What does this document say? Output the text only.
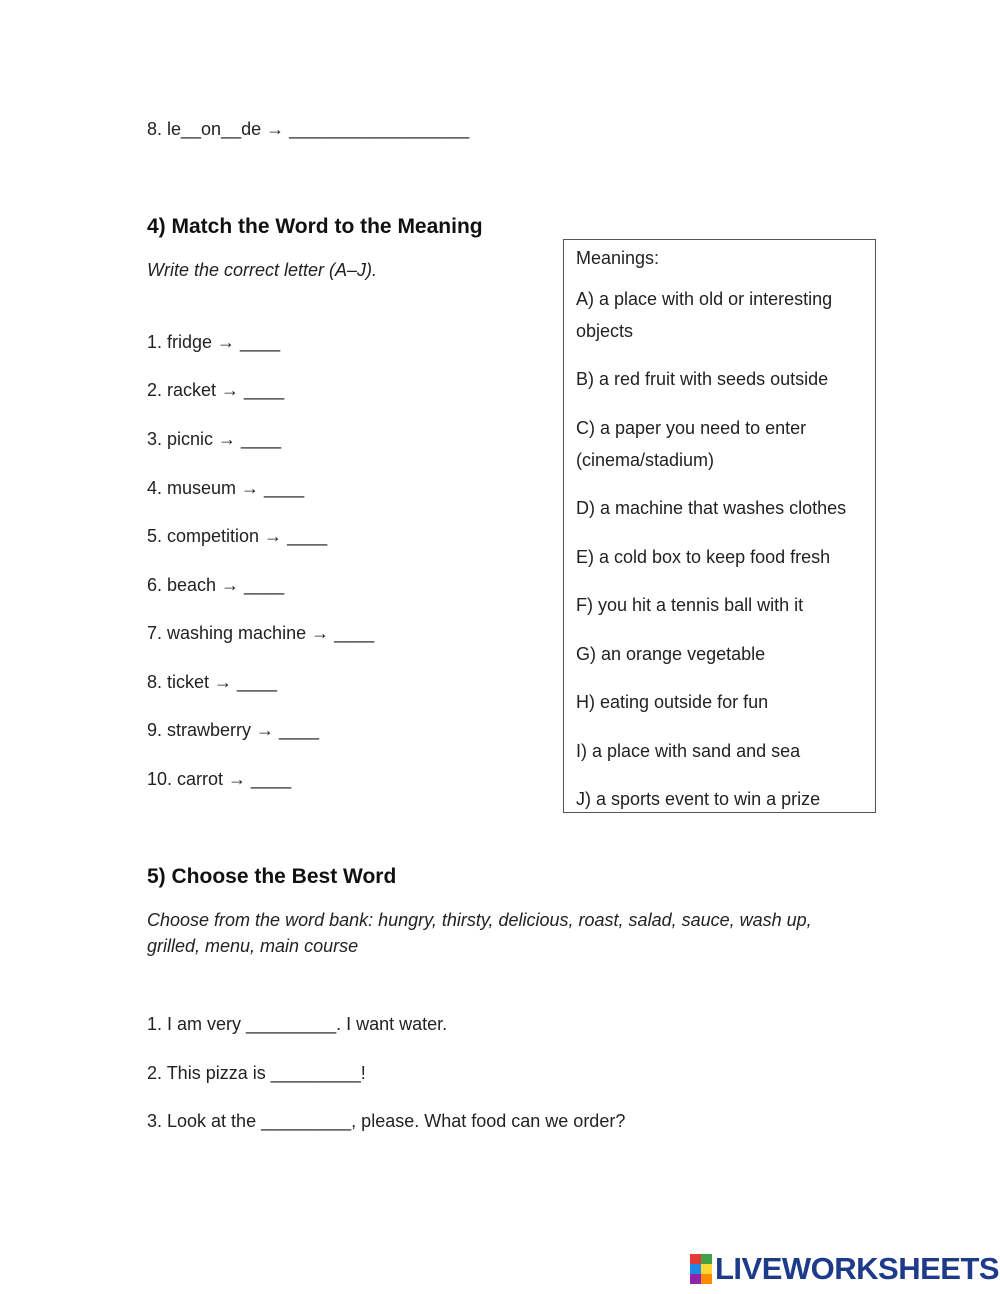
8. le__on__de → __________________
4) Match the Word to the Meaning
Write the correct letter (A–J).
1. fridge → ____
2. racket → ____
3. picnic → ____
4. museum → ____
5. competition → ____
6. beach → ____
7. washing machine → ____
8. ticket → ____
9. strawberry → ____
10. carrot → ____
Meanings:
A) a place with old or interesting objects
B) a red fruit with seeds outside
C) a paper you need to enter (cinema/stadium)
D) a machine that washes clothes
E) a cold box to keep food fresh
F) you hit a tennis ball with it
G) an orange vegetable
H) eating outside for fun
I) a place with sand and sea
J) a sports event to win a prize
5) Choose the Best Word
Choose from the word bank: hungry, thirsty, delicious, roast, salad, sauce, wash up, grilled, menu, main course
1. I am very _________. I want water.
2. This pizza is _________!
3. Look at the _________, please. What food can we order?
LIVEWORKSHEETS
